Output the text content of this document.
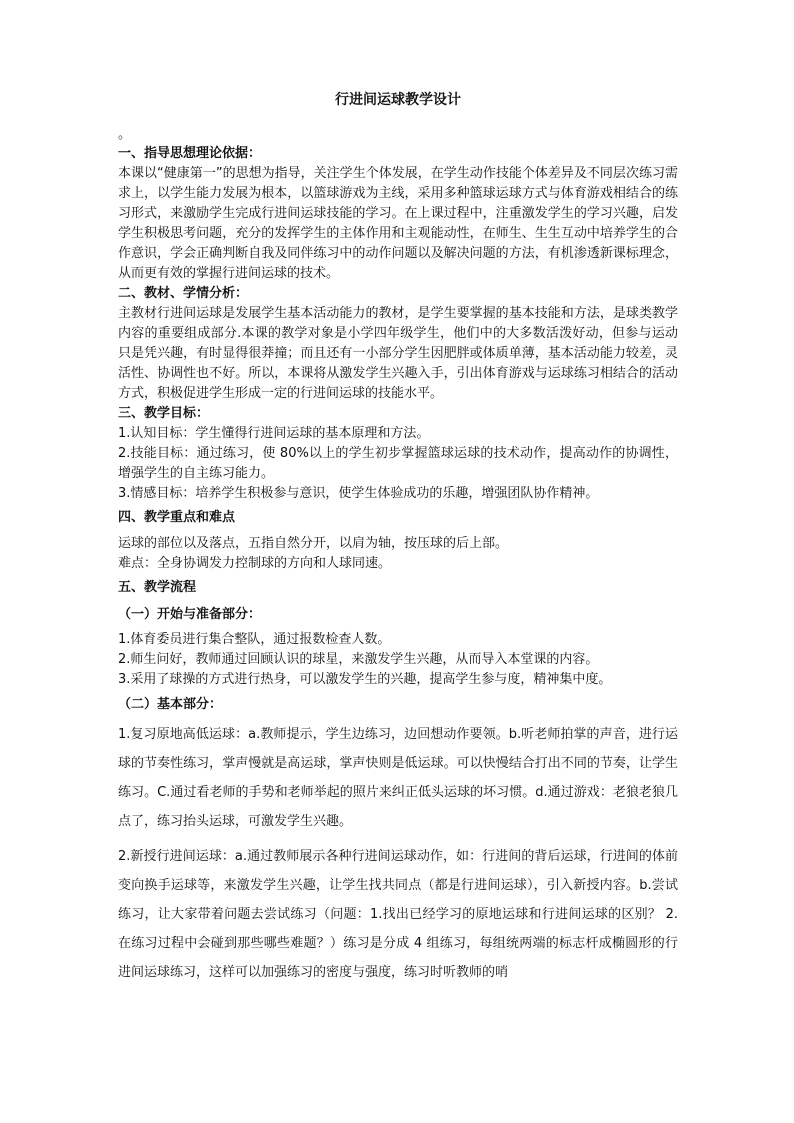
行进间运球教学设计
。

一、指导思想理论依据：

本课以“健康第一”的思想为指导，关注学生个体发展，在学生动作技能个体差异及不同层次练习需求上，以学生能力发展为根本，以篮球游戏为主线，采用多种篮球运球方式与体育游戏相结合的练习形式，来激励学生完成行进间运球技能的学习。在上课过程中，注重激发学生的学习兴趣，启发学生积极思考问题，充分的发挥学生的主体作用和主观能动性，在师生、生生互动中培养学生的合作意识，学会正确判断自我及同伴练习中的动作问题以及解决问题的方法，有机渗透新课标理念，从而更有效的掌握行进间运球的技术。

二、教材、学情分析：

主教材行进间运球是发展学生基本活动能力的教材，是学生要掌握的基本技能和方法，是球类教学内容的重要组成部分.本课的教学对象是小学四年级学生，他们中的大多数活泼好动，但参与运动只是凭兴趣，有时显得很莽撞；而且还有一小部分学生因肥胖或体质单薄，基本活动能力较差，灵活性、协调性也不好。所以，本课将从激发学生兴趣入手，引出体育游戏与运球练习相结合的活动方式，积极促进学生形成一定的行进间运球的技能水平。

三、教学目标：

1.认知目标：学生懂得行进间运球的基本原理和方法。

2.技能目标：通过练习，使 80%以上的学生初步掌握篮球运球的技术动作，提高动作的协调性，增强学生的自主练习能力。

3.情感目标：培养学生积极参与意识，使学生体验成功的乐趣，增强团队协作精神。

四、教学重点和难点

运球的部位以及落点，五指自然分开，以肩为轴，按压球的后上部。

难点：全身协调发力控制球的方向和人球同速。

五、教学流程

（一）开始与准备部分：

1.体育委员进行集合整队，通过报数检查人数。

2.师生问好，教师通过回顾认识的球星，来激发学生兴趣，从而导入本堂课的内容。

3.采用了球操的方式进行热身，可以激发学生的兴趣，提高学生参与度，精神集中度。

（二）基本部分：

1.复习原地高低运球：a.教师提示，学生边练习，边回想动作要领。b.听老师拍掌的声音，进行运球的节奏性练习，掌声慢就是高运球，掌声快则是低运球。可以快慢结合打出不同的节奏，让学生练习。C.通过看老师的手势和老师举起的照片来纠正低头运球的坏习惯。d.通过游戏：老狼老狼几点了，练习抬头运球，可激发学生兴趣。

2.新授行进间运球：a.通过教师展示各种行进间运球动作，如：行进间的背后运球，行进间的体前变向换手运球等，来激发学生兴趣，让学生找共同点（都是行进间运球），引入新授内容。b.尝试练习，让大家带着问题去尝试练习（问题：1.找出已经学习的原地运球和行进间运球的区别？ 2.在练习过程中会碰到那些哪些难题？）练习是分成 4 组练习，每组统两端的标志杆成椭圆形的行进间运球练习，这样可以加强练习的密度与强度，练习时听教师的哨
